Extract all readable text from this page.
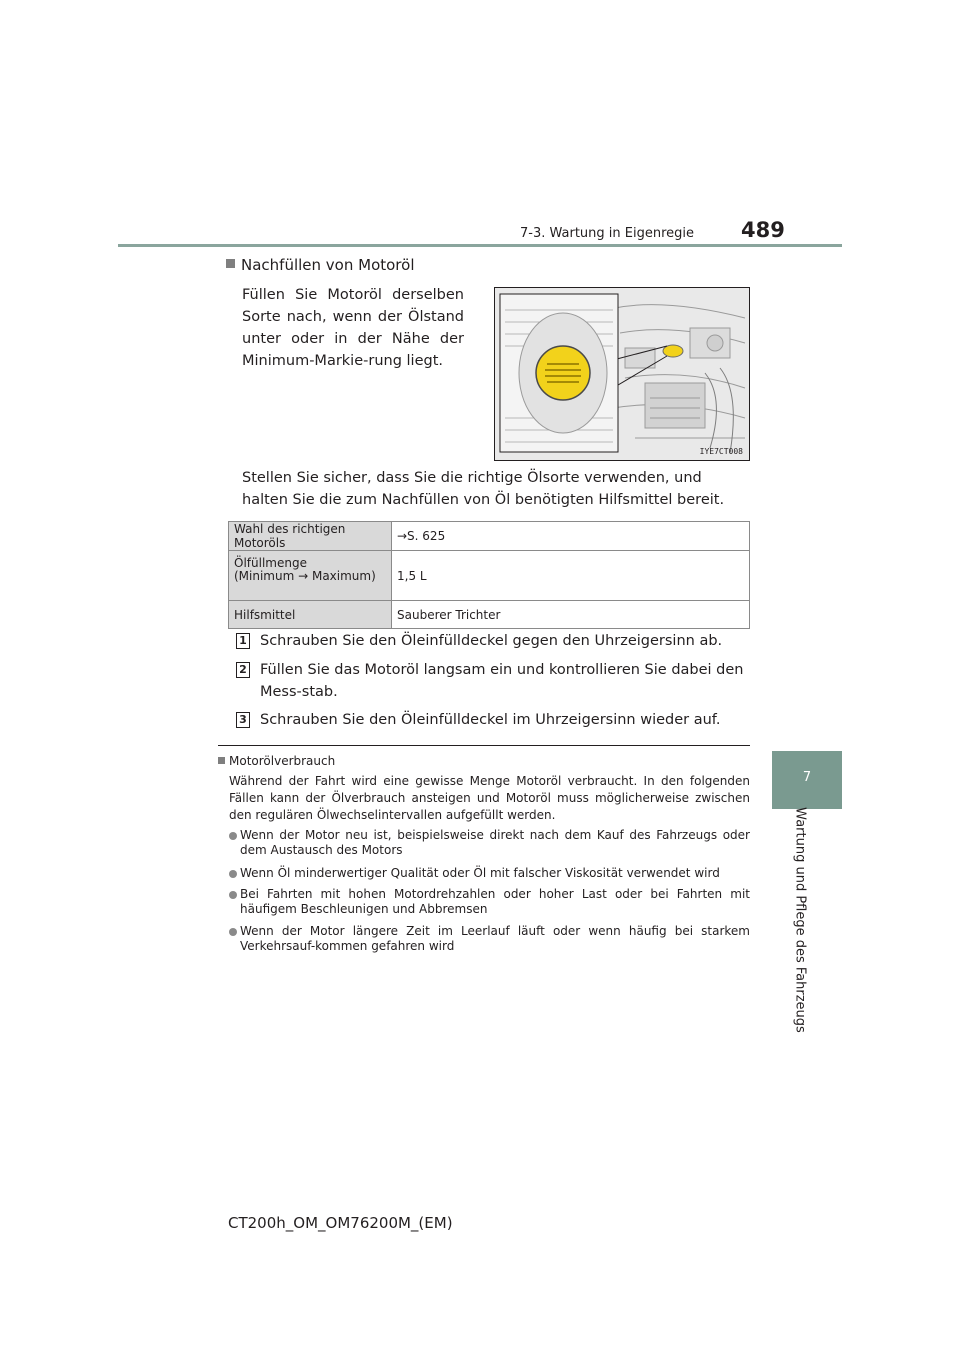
7-3. Wartung in Eigenregie 489
7
Wartung und Pflege des Fahrzeugs
Nachfüllen von Motoröl
Füllen Sie Motoröl derselben Sorte nach, wenn der Ölstand unter oder in der Nähe der Minimum-Markie-rung liegt.
IYE7CT008
Stellen Sie sicher, dass Sie die richtige Ölsorte verwenden, und halten Sie die zum Nachfüllen von Öl benötigten Hilfsmittel bereit.
Wahl des richtigen Motoröls	→S. 625

Ölfüllmenge
(Minimum → Maximum)	1,5 L
Hilfsmittel	Sauberer Trichter
1 Schrauben Sie den Öleinfülldeckel gegen den Uhrzeigersinn ab.
2 Füllen Sie das Motoröl langsam ein und kontrollieren Sie dabei den Mess-stab.
3 Schrauben Sie den Öleinfülldeckel im Uhrzeigersinn wieder auf.
Motorölverbrauch
Während der Fahrt wird eine gewisse Menge Motoröl verbraucht. In den folgenden Fällen kann der Ölverbrauch ansteigen und Motoröl muss möglicherweise zwischen den regulären Ölwechselintervallen aufgefüllt werden.
Wenn der Motor neu ist, beispielsweise direkt nach dem Kauf des Fahrzeugs oder dem Austausch des Motors
Wenn Öl minderwertiger Qualität oder Öl mit falscher Viskosität verwendet wird
Bei Fahrten mit hohen Motordrehzahlen oder hoher Last oder bei Fahrten mit häufigem Beschleunigen und Abbremsen
Wenn der Motor längere Zeit im Leerlauf läuft oder wenn häufig bei starkem Verkehrsauf-kommen gefahren wird
CT200h_OM_OM76200M_(EM)
